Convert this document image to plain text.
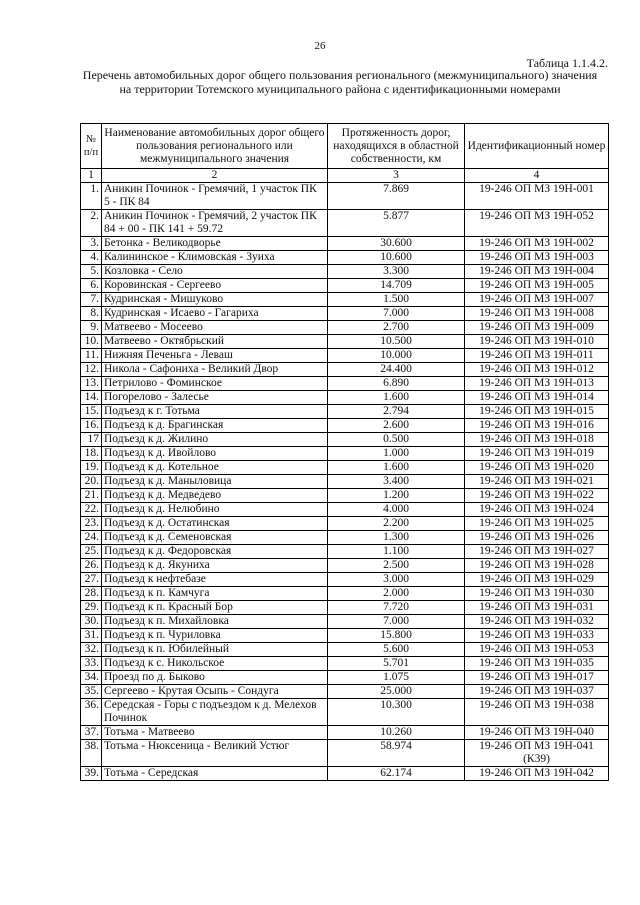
26
Таблица 1.1.4.2.
Перечень автомобильных дорог общего пользования регионального (межмуниципального) значения на территории Тотемского муниципального района с идентификационными номерами
№ п/п	Наименование автомобильных дорог общего пользования регионального или межмуниципального значения	Протяженность дорог, находящихся в областной собственности, км	Идентификационный номер
1	2	3	4
1.	Аникин Починок - Гремячий, 1 участок ПК 5 - ПК 84	7.869	19-246 ОП МЗ 19Н-001
2.	Аникин Починок - Гремячий, 2 участок ПК 84 + 00 - ПК 141 + 59.72	5.877	19-246 ОП МЗ 19Н-052
3.	Бетонка - Великодворье	30.600	19-246 ОП МЗ 19Н-002
4.	Калининское - Климовская - Зуиха	10.600	19-246 ОП МЗ 19Н-003
5.	Козловка - Село	3.300	19-246 ОП МЗ 19Н-004
6.	Коровинская - Сергеево	14.709	19-246 ОП МЗ 19Н-005
7.	Кудринская - Мишуково	1.500	19-246 ОП МЗ 19Н-007
8.	Кудринская - Исаево - Гагариха	7.000	19-246 ОП МЗ 19Н-008
9.	Матвеево - Мосеево	2.700	19-246 ОП МЗ 19Н-009
10.	Матвеево - Октябрьский	10.500	19-246 ОП МЗ 19Н-010
11.	Нижняя Печеньга - Леваш	10.000	19-246 ОП МЗ 19Н-011
12.	Никола - Сафониха - Великий Двор	24.400	19-246 ОП МЗ 19Н-012
13.	Петрилово - Фоминское	6.890	19-246 ОП МЗ 19Н-013
14.	Погорелово - Залесье	1.600	19-246 ОП МЗ 19Н-014
15.	Подъезд к г. Тотьма	2.794	19-246 ОП МЗ 19Н-015
16.	Подъезд к д. Брагинская	2.600	19-246 ОП МЗ 19Н-016
17	Подъезд к д. Жилино	0.500	19-246 ОП МЗ 19Н-018
18.	Подъезд к д. Ивойлово	1.000	19-246 ОП МЗ 19Н-019
19.	Подъезд к д. Котельное	1.600	19-246 ОП МЗ 19Н-020
20.	Подъезд к д. Маныловица	3.400	19-246 ОП МЗ 19Н-021
21.	Подъезд к д. Медведево	1.200	19-246 ОП МЗ 19Н-022
22.	Подъезд к д. Нелюбино	4.000	19-246 ОП МЗ 19Н-024
23.	Подъезд к д. Остатинская	2.200	19-246 ОП МЗ 19Н-025
24.	Подъезд к д. Семеновская	1.300	19-246 ОП МЗ 19Н-026
25.	Подъезд к д. Федоровская	1.100	19-246 ОП МЗ 19Н-027
26.	Подъезд к д. Якуниха	2.500	19-246 ОП МЗ 19Н-028
27.	Подъезд к нефтебазе	3.000	19-246 ОП МЗ 19Н-029
28.	Подъезд к п. Камчуга	2.000	19-246 ОП МЗ 19Н-030
29.	Подъезд к п. Красный Бор	7.720	19-246 ОП МЗ 19Н-031
30.	Подъезд к п. Михайловка	7.000	19-246 ОП МЗ 19Н-032
31.	Подъезд к п. Чуриловка	15.800	19-246 ОП МЗ 19Н-033
32.	Подъезд к п. Юбилейный	5.600	19-246 ОП МЗ 19Н-053
33.	Подъезд к с. Никольское	5.701	19-246 ОП МЗ 19Н-035
34.	Проезд по д. Быково	1.075	19-246 ОП МЗ 19Н-017
35.	Сергеево - Крутая Осыпь - Сондуга	25.000	19-246 ОП МЗ 19Н-037
36.	Середская - Горы с подъездом к д. Мелехов Починок	10.300	19-246 ОП МЗ 19Н-038
37.	Тотьма - Матвеево	10.260	19-246 ОП МЗ 19Н-040
38.	Тотьма - Нюксеница - Великий Устюг	58.974	19-246 ОП МЗ 19Н-041 (К39)
39.	Тотьма - Середская	62.174	19-246 ОП МЗ 19Н-042
